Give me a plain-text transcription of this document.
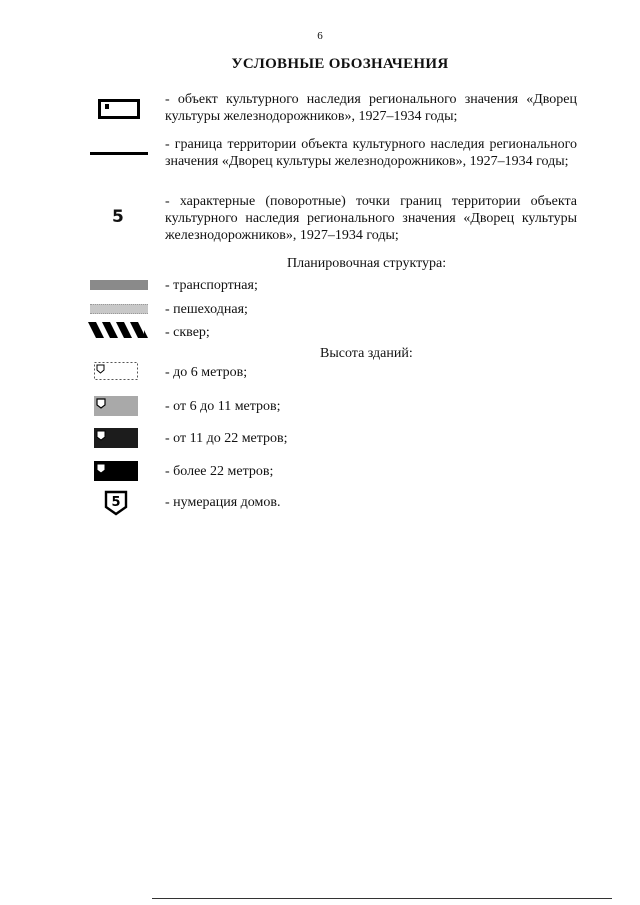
6
УСЛОВНЫЕ ОБОЗНАЧЕНИЯ
- объект культурного наследия регионального значения «Дворец культуры железнодорожников», 1927–1934 годы;
- граница территории объекта культурного наследия регионального значения «Дворец культуры железнодорожников», 1927–1934 годы;
5
- характерные (поворотные) точки границ территории объекта культурного наследия регионального значения «Дворец культуры железнодорожников», 1927–1934 годы;
Планировочная структура:
- транспортная;
- пешеходная;
- сквер;
Высота зданий:
- до 6 метров;
- от 6 до 11 метров;
- от 11 до 22 метров;
- более 22 метров;
5	- нумерация домов.
